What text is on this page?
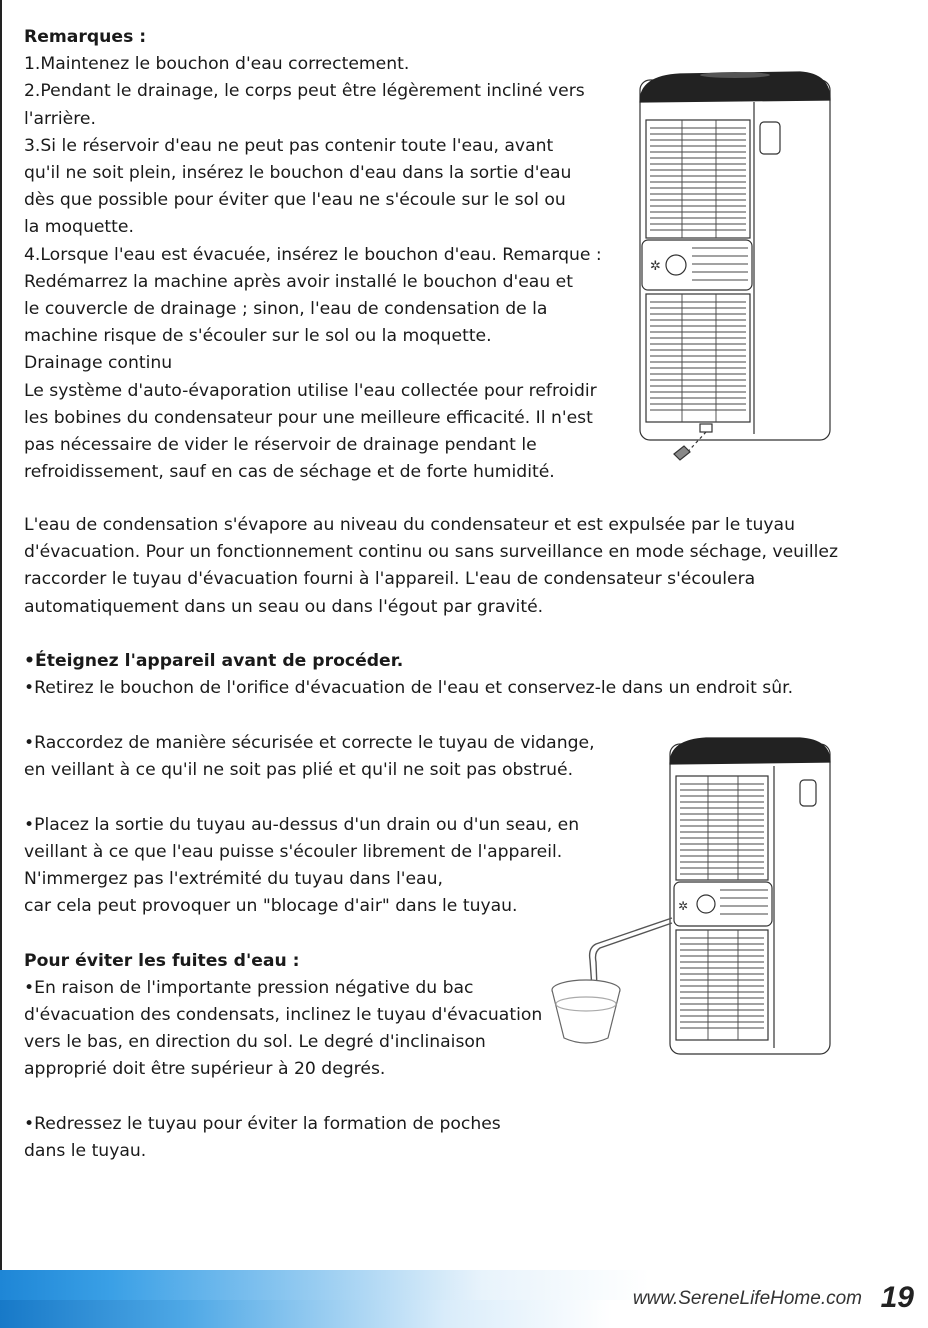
Remarques :
1.Maintenez le bouchon d'eau correctement.
2.Pendant le drainage, le corps peut être légèrement incliné vers
l'arrière.
3.Si le réservoir d'eau ne peut pas contenir toute l'eau, avant
qu'il ne soit plein, insérez le bouchon d'eau dans la sortie d'eau
dès que possible pour éviter que l'eau ne s'écoule sur le sol ou
la moquette.
4.Lorsque l'eau est évacuée, insérez le bouchon d'eau. Remarque :
Redémarrez la machine après avoir installé le bouchon d'eau et
le couvercle de drainage ; sinon, l'eau de condensation de la
machine risque de s'écouler sur le sol ou la moquette.
Drainage continu
Le système d'auto-évaporation utilise l'eau collectée pour refroidir
les bobines du condensateur pour une meilleure efficacité. Il n'est
pas nécessaire de vider le réservoir de drainage pendant le
refroidissement, sauf en cas de séchage et de forte humidité.
L'eau de condensation s'évapore au niveau du condensateur et est expulsée par le tuyau
d'évacuation. Pour un fonctionnement continu ou sans surveillance en mode séchage, veuillez
raccorder le tuyau d'évacuation fourni à l'appareil. L'eau de condensateur s'écoulera
automatiquement dans un seau ou dans l'égout par gravité.
•Éteignez l'appareil avant de procéder.
•Retirez le bouchon de l'orifice d'évacuation de l'eau et conservez-le dans un endroit sûr.
•Raccordez de manière sécurisée et correcte le tuyau de vidange,
en veillant à ce qu'il ne soit pas plié et qu'il ne soit pas obstrué.

•Placez la sortie du tuyau au-dessus d'un drain ou d'un seau, en
veillant à ce que l'eau puisse s'écouler librement de l'appareil.
N'immergez pas l'extrémité du tuyau dans l'eau,
car cela peut provoquer un "blocage d'air" dans le tuyau.

Pour éviter les fuites d'eau :
•En raison de l'importante pression négative du bac
d'évacuation des condensats, inclinez le tuyau d'évacuation
vers le bas, en direction du sol. Le degré d'inclinaison
approprié doit être supérieur à 20 degrés.

•Redressez le tuyau pour éviter la formation de poches
dans le tuyau.
✲
✲
www.SereneLifeHome.com 19
